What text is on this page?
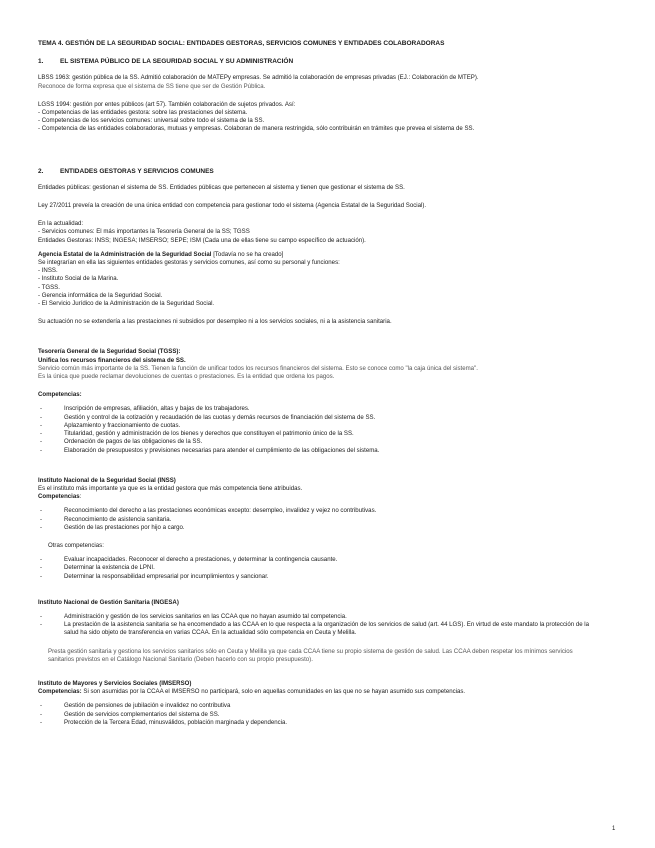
TEMA 4. GESTIÓN DE LA SEGURIDAD SOCIAL: ENTIDADES GESTORAS, SERVICIOS COMUNES Y ENTIDADES COLABORADORAS

1.	EL SISTEMA PÚBLICO DE LA SEGURIDAD SOCIAL Y SU ADMINISTRACIÓN

LBSS 1963: gestión pública de la SS. Admitió colaboración de MATEPy empresas. Se admitió la colaboración de empresas privadas (EJ.: Colaboración de MTEP).

Reconoce de forma expresa que el sistema de SS tiene que ser de Gestión Pública.

LGSS 1994: gestión por entes públicos (art 57). También colaboración de sujetos privados. Así:

- Competencias de las entidades gestora: sobre las prestaciones del sistema.

- Competencias de los servicios comunes: universal sobre todo el sistema de la SS.

- Competencia de las entidades colaboradoras, mutuas y empresas. Colaboran de manera restringida, sólo contribuirán en trámites que prevea el sistema de SS.

2.	ENTIDADES GESTORAS Y SERVICIOS COMUNES

Entidades públicas: gestionan el sistema de SS. Entidades públicas que pertenecen al sistema y tienen que gestionar el sistema de SS.

Ley 27/2011 preveía la creación de una única entidad con competencia para gestionar todo el sistema (Agencia Estatal de la Seguridad Social).

En la actualidad:

- Servicios comunes: El más importantes la Tesorería General de la SS; TGSS

Entidades Gestoras: INSS; INGESA; IMSERSO; SEPE; ISM (Cada una de ellas tiene su campo específico de actuación).

Agencia Estatal de la Administración de la Seguridad Social [Todavía no se ha creado]

Se integrarían en ella las siguientes entidades gestoras y servicios comunes, así como su personal y funciones:

- INSS.

- Instituto Social de la Marina.

- TGSS.

- Gerencia informática de la Seguridad Social.

- El Servicio Jurídico de la Administración de la Seguridad Social.

Su actuación no se extendería a las prestaciones ni subsidios por desempleo ni a los servicios sociales, ni a la asistencia sanitaria.

Tesorería General de la Seguridad Social (TGSS):

Unifica los recursos financieros del sistema de SS.

Servicio común más importante de la SS. Tienen la función de unificar todos los recursos financieros del sistema. Esto se conoce como "la caja única del sistema".

Es la única que puede reclamar devoluciones de cuentas o prestaciones. Es la entidad que ordena los pagos.

Competencias:

-	Inscripción de empresas, afiliación, altas y bajas de los trabajadores.
-	Gestión y control de la cotización y recaudación de las cuotas y demás recursos de financiación del sistema de SS.
-	Aplazamiento y fraccionamiento de cuotas.
-	Titularidad, gestión y administración de los bienes y derechos que constituyen el patrimonio único de la SS.
-	Ordenación de pagos de las obligaciones de la SS.
-	Elaboración de presupuestos y previsiones necesarias para atender el cumplimiento de las obligaciones del sistema.

Instituto Nacional de la Seguridad Social (INSS)

Es el instituto más importante ya que es la entidad gestora que más competencia tiene atribuidas.

Competencias:

-	Reconocimiento del derecho a las prestaciones económicas excepto: desempleo, invalidez y vejez no contributivas.
-	Reconocimiento de asistencia sanitaria.
-	Gestión de las prestaciones por hijo a cargo.

Otras competencias:

-	Evaluar incapacidades. Reconocer el derecho a prestaciones, y determinar la contingencia causante.
-	Determinar la existencia de LPNI.
-	Determinar la responsabilidad empresarial por incumplimientos y sancionar.

Instituto Nacional de Gestión Sanitaria (INGESA)

-	Administración y gestión de los servicios sanitarios en las CCAA que no hayan asumido tal competencia.
-	La prestación de la asistencia sanitaria se ha encomendado a las CCAA en lo que respecta a la organización de los servicios de salud (art. 44 LGS). En virtud de este mandato la protección de la salud ha sido objeto de transferencia en varias CCAA. En la actualidad sólo competencia en Ceuta y Melilla.

Presta gestión sanitaria y gestiona los servicios sanitarios sólo en Ceuta y Melilla ya que cada CCAA tiene su propio sistema de gestión de salud. Las CCAA deben respetar los mínimos servicios sanitarios previstos en el Catálogo Nacional Sanitario (Deben hacerlo con su propio presupuesto).

Instituto de Mayores y Servicios Sociales (IMSERSO)

Competencias: Si son asumidas por la CCAA el IMSERSO no participará, solo en aquellas comunidades en las que no se hayan asumido sus competencias.

-	Gestión de pensiones de jubilación e invalidez no contributiva
-	Gestión de servicios complementarios del sistema de SS.
-	Protección de la Tercera Edad, minusválidos, población marginada y dependencia.
1
